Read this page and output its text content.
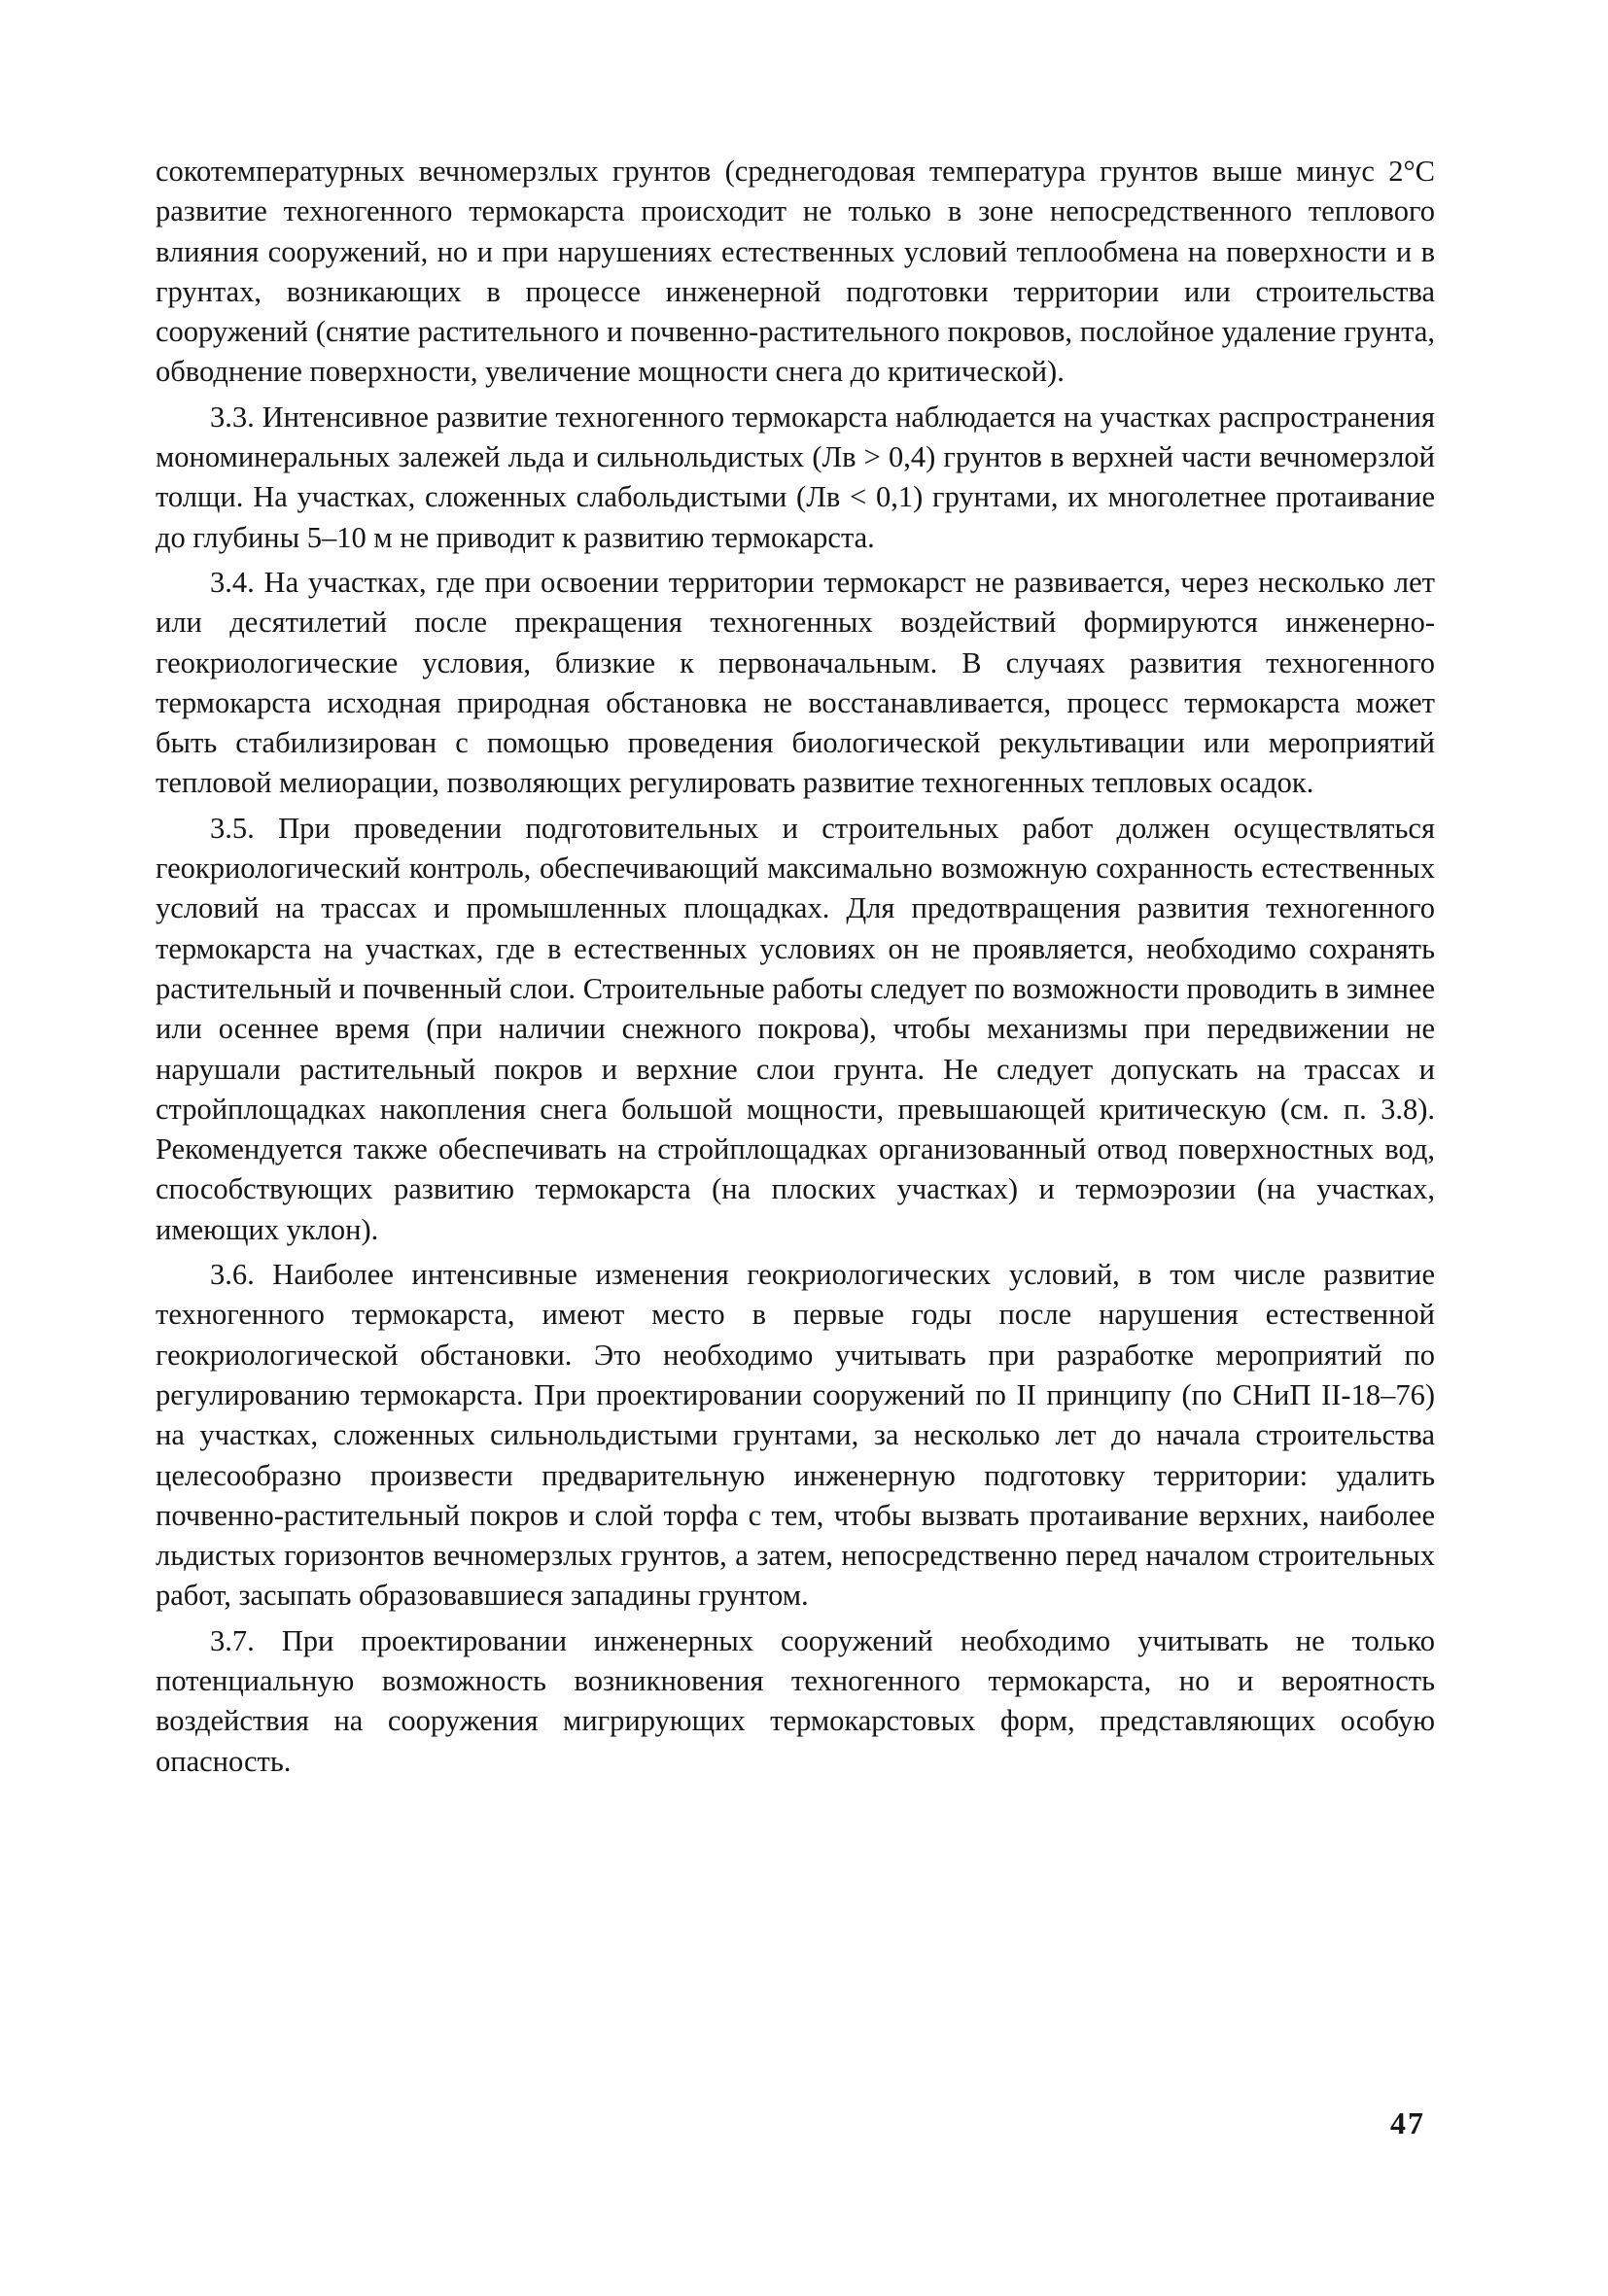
сокотемпературных вечномерзлых грунтов (среднегодовая температура грунтов выше минус 2°С развитие техногенного термокарста происходит не только в зоне непосредственного теплового влияния сооружений, но и при нарушениях естественных условий теплообмена на поверхности и в грунтах, возникающих в процессе инженерной подготовки территории или строительства сооружений (снятие растительного и почвенно-растительного покровов, послойное удаление грунта, обводнение поверхности, увеличение мощности снега до критической).

3.3. Интенсивное развитие техногенного термокарста наблюдается на участках распространения мономинеральных залежей льда и сильнольдистых (Лв > 0,4) грунтов в верхней части вечномерзлой толщи. На участках, сложенных слабольдистыми (Лв < 0,1) грунтами, их многолетнее протаивание до глубины 5–10 м не приводит к развитию термокарста.

3.4. На участках, где при освоении территории термокарст не развивается, через несколько лет или десятилетий после прекращения техногенных воздействий формируются инженерно-геокриологические условия, близкие к первоначальным. В случаях развития техногенного термокарста исходная природная обстановка не восстанавливается, процесс термокарста может быть стабилизирован с помощью проведения биологической рекультивации или мероприятий тепловой мелиорации, позволяющих регулировать развитие техногенных тепловых осадок.

3.5. При проведении подготовительных и строительных работ должен осуществляться геокриологический контроль, обеспечивающий максимально возможную сохранность естественных условий на трассах и промышленных площадках. Для предотвращения развития техногенного термокарста на участках, где в естественных условиях он не проявляется, необходимо сохранять растительный и почвенный слои. Строительные работы следует по возможности проводить в зимнее или осеннее время (при наличии снежного покрова), чтобы механизмы при передвижении не нарушали растительный покров и верхние слои грунта. Не следует допускать на трассах и стройплощадках накопления снега большой мощности, превышающей критическую (см. п. 3.8). Рекомендуется также обеспечивать на стройплощадках организованный отвод поверхностных вод, способствующих развитию термокарста (на плоских участках) и термоэрозии (на участках, имеющих уклон).

3.6. Наиболее интенсивные изменения геокриологических условий, в том числе развитие техногенного термокарста, имеют место в первые годы после нарушения естественной геокриологической обстановки. Это необходимо учитывать при разработке мероприятий по регулированию термокарста. При проектировании сооружений по II принципу (по СНиП II-18–76) на участках, сложенных сильнольдистыми грунтами, за несколько лет до начала строительства целесообразно произвести предварительную инженерную подготовку территории: удалить почвенно-растительный покров и слой торфа с тем, чтобы вызвать протаивание верхних, наиболее льдистых горизонтов вечномерзлых грунтов, а затем, непосредственно перед началом строительных работ, засыпать образовавшиеся западины грунтом.

3.7. При проектировании инженерных сооружений необходимо учитывать не только потенциальную возможность возникновения техногенного термокарста, но и вероятность воздействия на сооружения мигрирующих термокарстовых форм, представляющих особую опасность.

47
